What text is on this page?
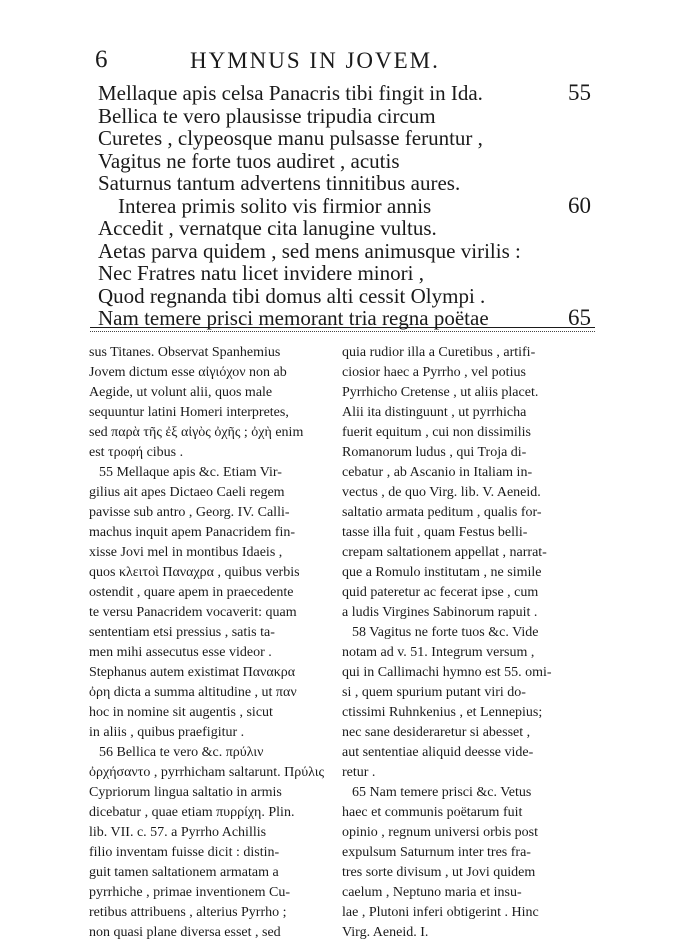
6	HYMNUS IN JOVEM.
Mellaque apis celsa Panacris tibi fingit in Ida.	55
Bellica te vero plausisse tripudia circum
Curetes , clypeosque manu pulsasse feruntur ,
Vagitus ne forte tuos audiret , acutis
Saturnus tantum advertens tinnitibus aures.
Interea primis solito vis firmior annis	60
Accedit , vernatque cita lanugine vultus.
Aetas parva quidem , sed mens animusque virilis :
Nec Fratres natu licet invidere minori ,
Quod regnanda tibi domus alti cessit Olympi .
Nam temere prisci memorant tria regna poëtae	65
sus Titanes. Observat Spanhemius
Jovem dictum esse αἰγιόχον non ab
Aegide, ut volunt alii, quos male
sequuntur latini Homeri interpretes,
sed παρὰ τῆς ἐξ αἰγὸς ὀχῆς ; ὀχὴ enim
est τροφή cibus .
55 Mellaque apis &c. Etiam Vir-
gilius ait apes Dictaeo Caeli regem
pavisse sub antro , Georg. IV. Calli-
machus inquit apem Panacridem fin-
xisse Jovi mel in montibus Idaeis ,
quos κλειτοὶ Παναχρα , quibus verbis
ostendit , quare apem in praecedente
te versu Panacridem vocaverit: quam
sententiam etsi pressius , satis ta-
men mihi assecutus esse videor .
Stephanus autem existimat Πανακρα
ὀρη dicta a summa altitudine , ut παν
hoc in nomine sit augentis , sicut
in aliis , quibus praefigitur .
56 Bellica te vero &c. πρύλιν
ὀρχήσαντο , pyrrhicham saltarunt. Πρύλις
Cypriorum lingua saltatio in armis
dicebatur , quae etiam πυρρίχη. Plin.
lib. VII. c. 57. a Pyrrho Achillis
filio inventam fuisse dicit : distin-
guit tamen saltationem armatam a
pyrrhiche , primae inventionem Cu-
retibus attribuens , alterius Pyrrho ;
non quasi plane diversa esset , sed
quia rudior illa a Curetibus , artifi-
ciosior haec a Pyrrho , vel potius
Pyrrhicho Cretense , ut aliis placet.
Alii ita distinguunt , ut pyrrhicha
fuerit equitum , cui non dissimilis
Romanorum ludus , qui Troja di-
cebatur , ab Ascanio in Italiam in-
vectus , de quo Virg. lib. V. Aeneid.
saltatio armata peditum , qualis for-
tasse illa fuit , quam Festus belli-
crepam saltationem appellat , narrat-
que a Romulo institutam , ne simile
quid pateretur ac fecerat ipse , cum
a ludis Virgines Sabinorum rapuit .
58 Vagitus ne forte tuos &c. Vide
notam ad v. 51. Integrum versum ,
qui in Callimachi hymno est 55. omi-
si , quem spurium putant viri do-
ctissimi Ruhnkenius , et Lennepius;
nec sane desideraretur si abesset ,
aut sententiae aliquid deesse vide-
retur .
65 Nam temere prisci &c. Vetus
haec et communis poëtarum fuit
opinio , regnum universi orbis post
expulsum Saturnum inter tres fra-
tres sorte divisum , ut Jovi quidem
caelum , Neptuno maria et insu-
lae , Plutoni inferi obtigerint . Hinc
Virg. Aeneid. I.
